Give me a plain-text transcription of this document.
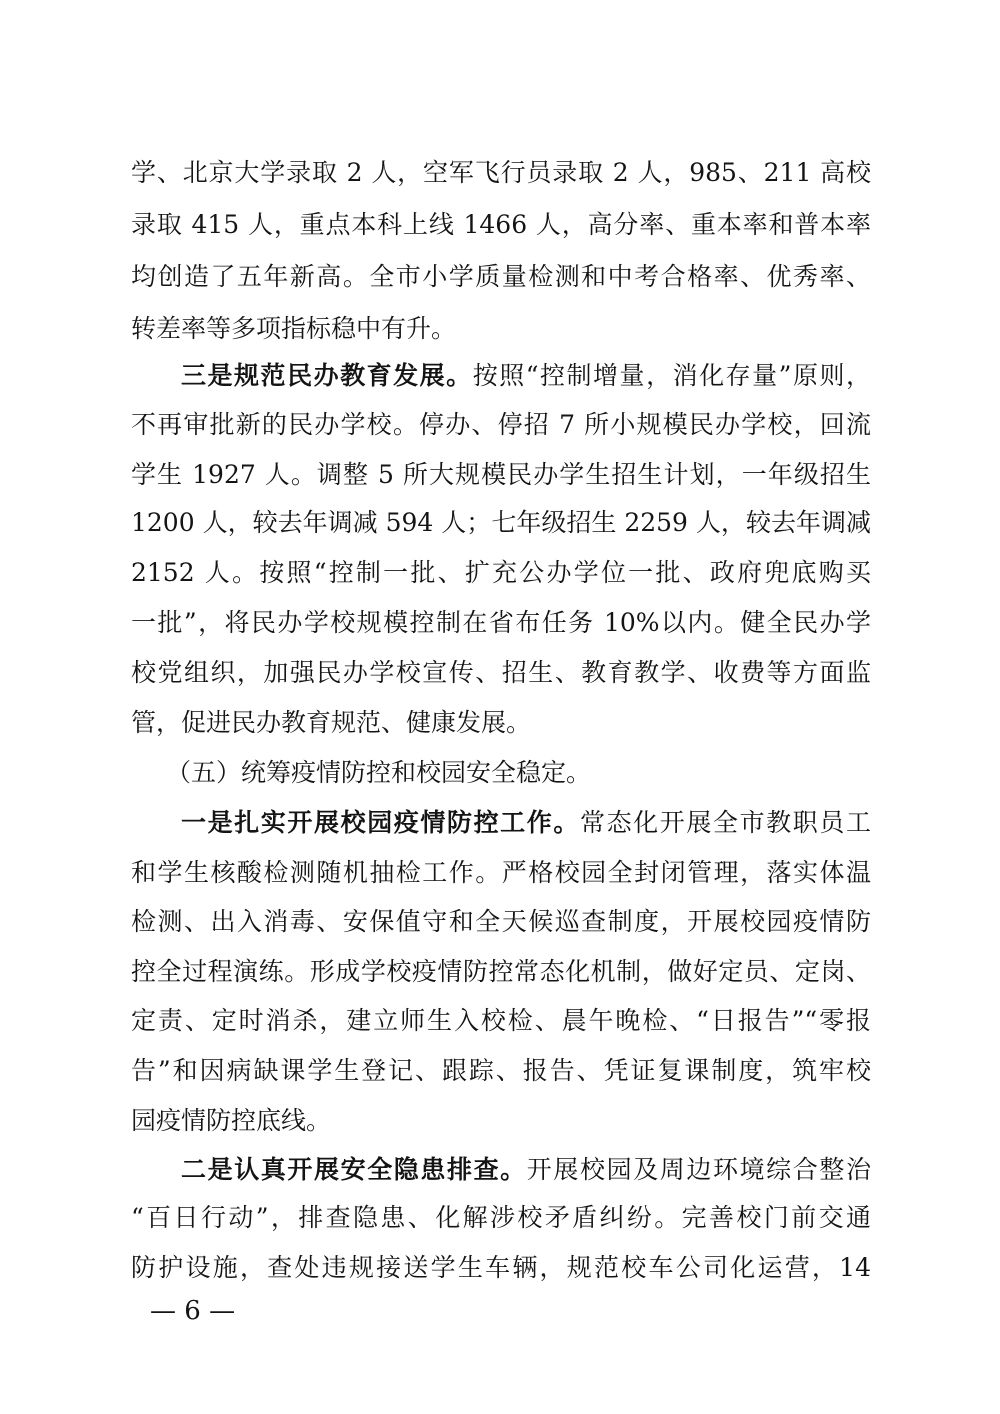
学、北京大学录取 2 人，空军飞行员录取 2 人，985、211 高校
录取 415 人，重点本科上线 1466 人，高分率、重本率和普本率
均创造了五年新高。全市小学质量检测和中考合格率、优秀率、
转差率等多项指标稳中有升。
三是规范民办教育发展。按照“控制增量，消化存量”原则，
不再审批新的民办学校。停办、停招 7 所小规模民办学校，回流
学生 1927 人。调整 5 所大规模民办学生招生计划，一年级招生
1200 人，较去年调减 594 人；七年级招生 2259 人，较去年调减
2152 人。按照“控制一批、扩充公办学位一批、政府兜底购买
一批”，将民办学校规模控制在省布任务 10%以内。健全民办学
校党组织，加强民办学校宣传、招生、教育教学、收费等方面监
管，促进民办教育规范、健康发展。
（五）统筹疫情防控和校园安全稳定。
一是扎实开展校园疫情防控工作。常态化开展全市教职员工
和学生核酸检测随机抽检工作。严格校园全封闭管理，落实体温
检测、出入消毒、安保值守和全天候巡查制度，开展校园疫情防
控全过程演练。形成学校疫情防控常态化机制，做好定员、定岗、
定责、定时消杀，建立师生入校检、晨午晚检、“日报告”“零报
告”和因病缺课学生登记、跟踪、报告、凭证复课制度，筑牢校
园疫情防控底线。
二是认真开展安全隐患排查。开展校园及周边环境综合整治
“百日行动”，排查隐患、化解涉校矛盾纠纷。完善校门前交通
防护设施，查处违规接送学生车辆，规范校车公司化运营，14
— 6 —
